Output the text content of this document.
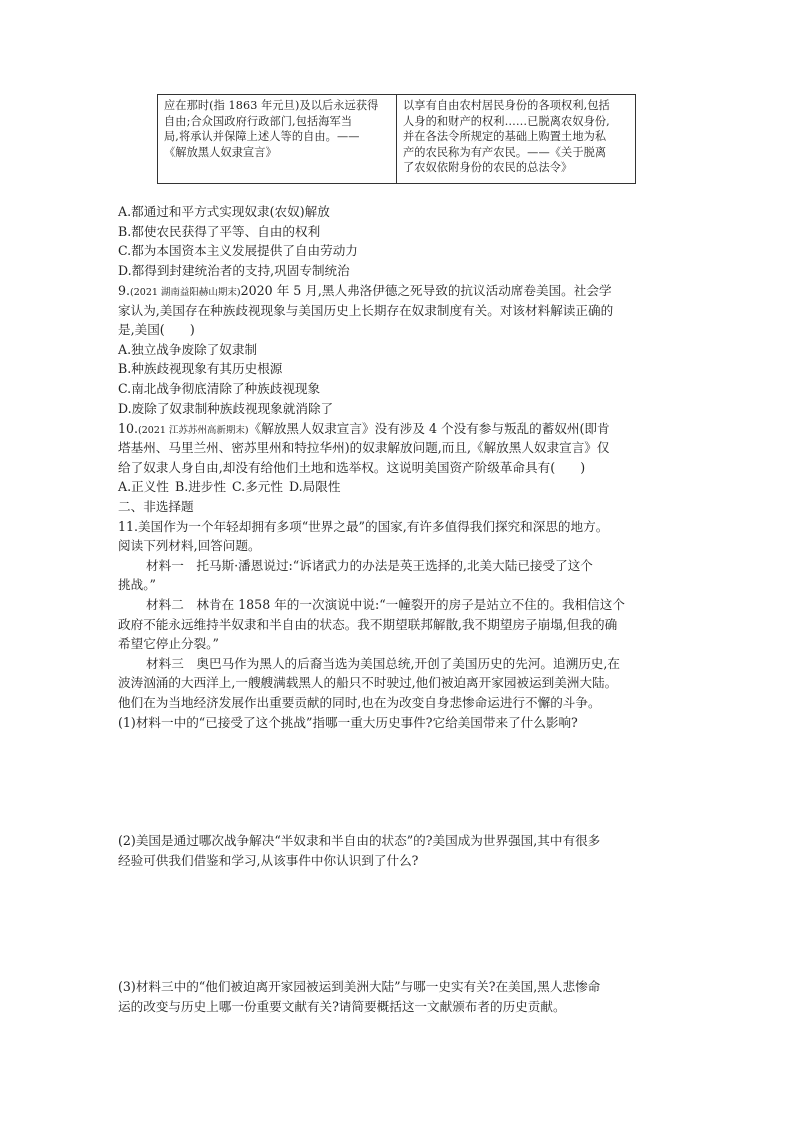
应在那时(指 1863 年元旦)及以后永远获得
自由;合众国政府行政部门,包括海军当
局,将承认并保障上述人等的自由。——
《解放黑人奴隶宣言》

以享有自由农村居民身份的各项权利,包括
人身的和财产的权利……已脱离农奴身份,
并在各法令所规定的基础上购置土地为私
产的农民称为有产农民。——《关于脱离
了农奴依附身份的农民的总法令》
A.都通过和平方式实现奴隶(农奴)解放
B.都使农民获得了平等、自由的权利
C.都为本国资本主义发展提供了自由劳动力
D.都得到封建统治者的支持,巩固专制统治
9.(2021 湖南益阳赫山期末)2020 年 5 月,黑人弗洛伊德之死导致的抗议活动席卷美国。社会学
家认为,美国存在种族歧视现象与美国历史上长期存在奴隶制度有关。对该材料解读正确的
是,美国(　　)
A.独立战争废除了奴隶制
B.种族歧视现象有其历史根源
C.南北战争彻底清除了种族歧视现象
D.废除了奴隶制种族歧视现象就消除了
10.(2021 江苏苏州高新期末)《解放黑人奴隶宣言》没有涉及 4 个没有参与叛乱的蓄奴州(即肯
塔基州、马里兰州、密苏里州和特拉华州)的奴隶解放问题,而且,《解放黑人奴隶宣言》仅
给了奴隶人身自由,却没有给他们土地和选举权。这说明美国资产阶级革命具有(　　)
A.正义性 B.进步性 C.多元性 D.局限性
二、非选择题
11.美国作为一个年轻却拥有多项“世界之最”的国家,有许多值得我们探究和深思的地方。
阅读下列材料,回答问题。
材料一　托马斯·潘恩说过:“诉诸武力的办法是英王选择的,北美大陆已接受了这个
挑战。”
材料二　林肯在 1858 年的一次演说中说:“一幢裂开的房子是站立不住的。我相信这个
政府不能永远维持半奴隶和半自由的状态。我不期望联邦解散,我不期望房子崩塌,但我的确
希望它停止分裂。”
材料三　奥巴马作为黑人的后裔当选为美国总统,开创了美国历史的先河。追溯历史,在
波涛汹涌的大西洋上,一艘艘满载黑人的船只不时驶过,他们被迫离开家园被运到美洲大陆。
他们在为当地经济发展作出重要贡献的同时,也在为改变自身悲惨命运进行不懈的斗争。
(1)材料一中的“已接受了这个挑战”指哪一重大历史事件?它给美国带来了什么影响?
(2)美国是通过哪次战争解决“半奴隶和半自由的状态”的?美国成为世界强国,其中有很多
经验可供我们借鉴和学习,从该事件中你认识到了什么?
(3)材料三中的“他们被迫离开家园被运到美洲大陆”与哪一史实有关?在美国,黑人悲惨命
运的改变与历史上哪一份重要文献有关?请简要概括这一文献颁布者的历史贡献。
